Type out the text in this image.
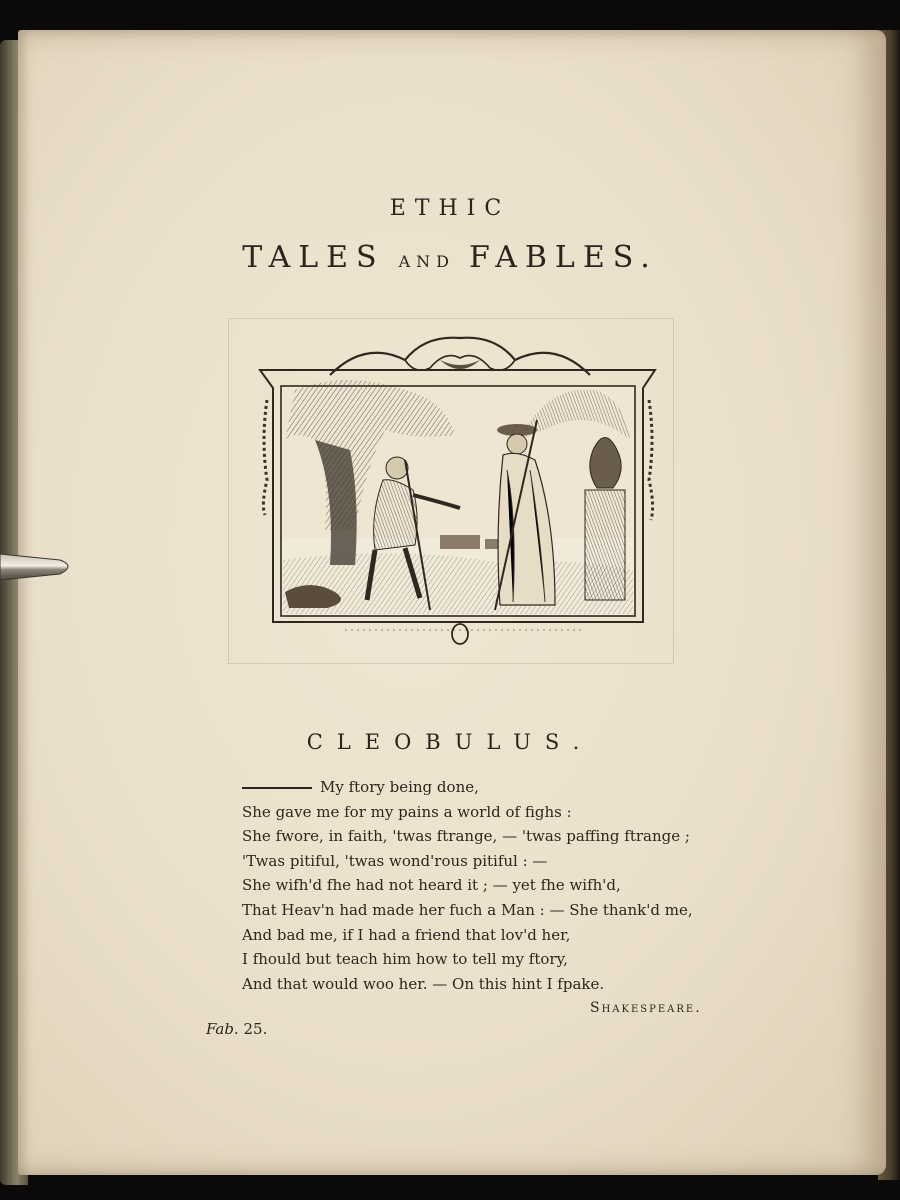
ETHIC
TALES AND FABLES.
CLEOBULUS.
My ftory being done,
She gave me for my pains a world of fighs :
She fwore, in faith, 'twas ftrange, — 'twas paffing ftrange ;
'Twas pitiful, 'twas wond'rous pitiful : —
She wifh'd fhe had not heard it ; — yet fhe wifh'd,
That Heav'n had made her fuch a Man : — She thank'd me,
And bad me, if I had a friend that lov'd her,
I fhould but teach him how to tell my ftory,
And that would woo her. — On this hint I fpake.
Shakespeare.
Fab. 25.
